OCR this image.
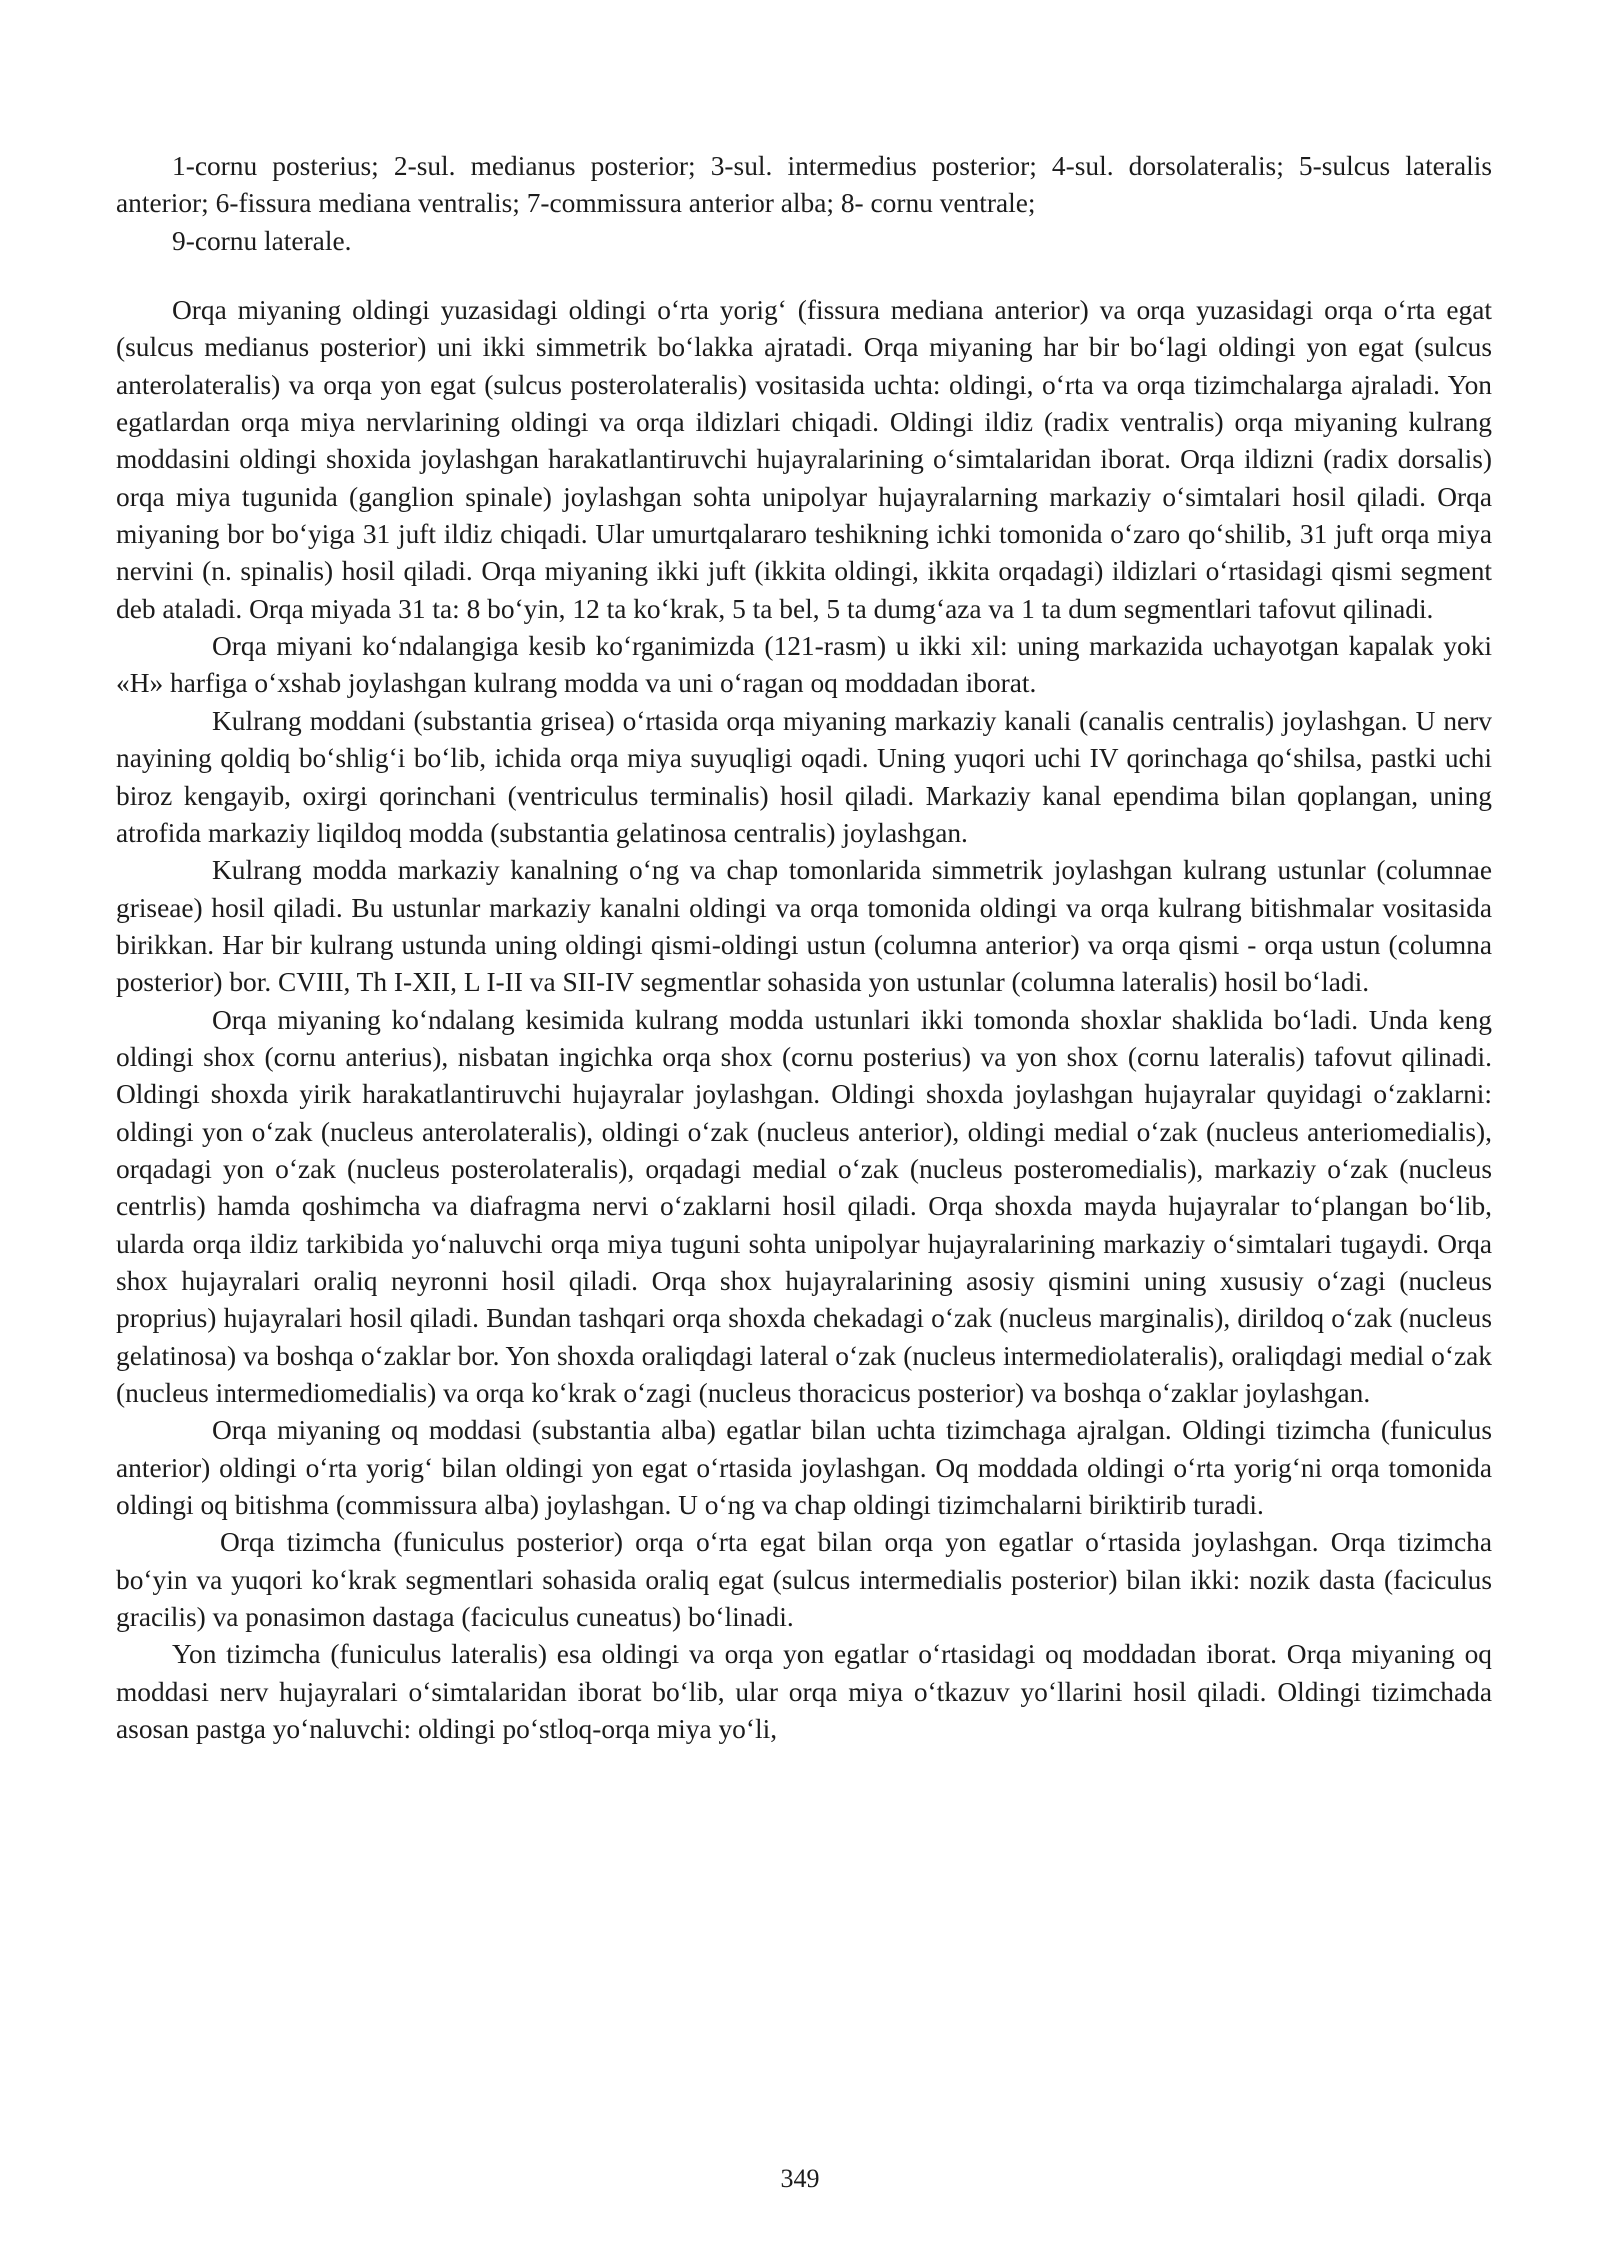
1-cornu posterius; 2-sul. medianus posterior; 3-sul. intermedius posterior; 4-sul. dorsolateralis; 5-sulcus lateralis anterior; 6-fissura mediana ventralis; 7-commissura anterior alba; 8- cornu ventrale;

9-cornu laterale.

Orqa miyaning oldingi yuzasidagi oldingi o‘rta yorig‘ (fissura mediana anterior) va orqa yuzasidagi orqa o‘rta egat (sulcus medianus posterior) uni ikki simmetrik bo‘lakka ajratadi. Orqa miyaning har bir bo‘lagi oldingi yon egat (sulcus anterolateralis) va orqa yon egat (sulcus posterolateralis) vositasida uchta: oldingi, o‘rta va orqa tizimchalarga ajraladi. Yon egatlardan orqa miya nervlarining oldingi va orqa ildizlari chiqadi. Oldingi ildiz (radix ventralis) orqa miyaning kulrang moddasini oldingi shoxida joylashgan harakatlantiruvchi hujayralarining o‘simtalaridan iborat. Orqa ildizni (radix dorsalis) orqa miya tugunida (ganglion spinale) joylashgan sohta unipolyar hujayralarning markaziy o‘simtalari hosil qiladi. Orqa miyaning bor bo‘yiga 31 juft ildiz chiqadi. Ular umurtqalararo teshikning ichki tomonida o‘zaro qo‘shilib, 31 juft orqa miya nervini (n. spinalis) hosil qiladi. Orqa miyaning ikki juft (ikkita oldingi, ikkita orqadagi) ildizlari o‘rtasidagi qismi segment deb ataladi. Orqa miyada 31 ta: 8 bo‘yin, 12 ta ko‘krak, 5 ta bel, 5 ta dumg‘aza va 1 ta dum segmentlari tafovut qilinadi.

Orqa miyani ko‘ndalangiga kesib ko‘rganimizda (121-rasm) u ikki xil: uning markazida uchayotgan kapalak yoki «H» harfiga o‘xshab joylashgan kulrang modda va uni o‘ragan oq moddadan iborat.

Kulrang moddani (substantia grisea) o‘rtasida orqa miyaning markaziy kanali (canalis centralis) joylashgan. U nerv nayining qoldiq bo‘shlig‘i bo‘lib, ichida orqa miya suyuqligi oqadi. Uning yuqori uchi IV qorinchaga qo‘shilsa, pastki uchi biroz kengayib, oxirgi qorinchani (ventriculus terminalis) hosil qiladi. Markaziy kanal ependima bilan qoplangan, uning atrofida markaziy liqildoq modda (substantia gelatinosa centralis) joylashgan.

Kulrang modda markaziy kanalning o‘ng va chap tomonlarida simmetrik joylashgan kulrang ustunlar (columnae griseae) hosil qiladi. Bu ustunlar markaziy kanalni oldingi va orqa tomonida oldingi va orqa kulrang bitishmalar vositasida birikkan. Har bir kulrang ustunda uning oldingi qismi-oldingi ustun (columna anterior) va orqa qismi - orqa ustun (columna posterior) bor. CVIII, Th I-XII, L I-II va SII-IV segmentlar sohasida yon ustunlar (columna lateralis) hosil bo‘ladi.

Orqa miyaning ko‘ndalang kesimida kulrang modda ustunlari ikki tomonda shoxlar shaklida bo‘ladi. Unda keng oldingi shox (cornu anterius), nisbatan ingichka orqa shox (cornu posterius) va yon shox (cornu lateralis) tafovut qilinadi. Oldingi shoxda yirik harakatlantiruvchi hujayralar joylashgan. Oldingi shoxda joylashgan hujayralar quyidagi o‘zaklarni: oldingi yon o‘zak (nucleus anterolateralis), oldingi o‘zak (nucleus anterior), oldingi medial o‘zak (nucleus anteriomedialis), orqadagi yon o‘zak (nucleus posterolateralis), orqadagi medial o‘zak (nucleus posteromedialis), markaziy o‘zak (nucleus centrlis) hamda qoshimcha va diafragma nervi o‘zaklarni hosil qiladi. Orqa shoxda mayda hujayralar to‘plangan bo‘lib, ularda orqa ildiz tarkibida yo‘naluvchi orqa miya tuguni sohta unipolyar hujayralarining markaziy o‘simtalari tugaydi. Orqa shox hujayralari oraliq neyronni hosil qiladi. Orqa shox hujayralarining asosiy qismini uning xususiy o‘zagi (nucleus proprius) hujayralari hosil qiladi. Bundan tashqari orqa shoxda chekadagi o‘zak (nucleus marginalis), dirildoq o‘zak (nucleus gelatinosa) va boshqa o‘zaklar bor. Yon shoxda oraliqdagi lateral o‘zak (nucleus intermediolateralis), oraliqdagi medial o‘zak (nucleus intermediomedialis) va orqa ko‘krak o‘zagi (nucleus thoracicus posterior) va boshqa o‘zaklar joylashgan.

Orqa miyaning oq moddasi (substantia alba) egatlar bilan uchta tizimchaga ajralgan. Oldingi tizimcha (funiculus anterior) oldingi o‘rta yorig‘ bilan oldingi yon egat o‘rtasida joylashgan. Oq moddada oldingi o‘rta yorig‘ni orqa tomonida oldingi oq bitishma (commissura alba) joylashgan. U o‘ng va chap oldingi tizimchalarni biriktirib turadi.

Orqa tizimcha (funiculus posterior) orqa o‘rta egat bilan orqa yon egatlar o‘rtasida joylashgan. Orqa tizimcha bo‘yin va yuqori ko‘krak segmentlari sohasida oraliq egat (sulcus intermedialis posterior) bilan ikki: nozik dasta (faciculus gracilis) va ponasimon dastaga (faciculus cuneatus) bo‘linadi.

Yon tizimcha (funiculus lateralis) esa oldingi va orqa yon egatlar o‘rtasidagi oq moddadan iborat. Orqa miyaning oq moddasi nerv hujayralari o‘simtalaridan iborat bo‘lib, ular orqa miya o‘tkazuv yo‘llarini hosil qiladi. Oldingi tizimchada asosan pastga yo‘naluvchi: oldingi po‘stloq-orqa miya yo‘li,

349
